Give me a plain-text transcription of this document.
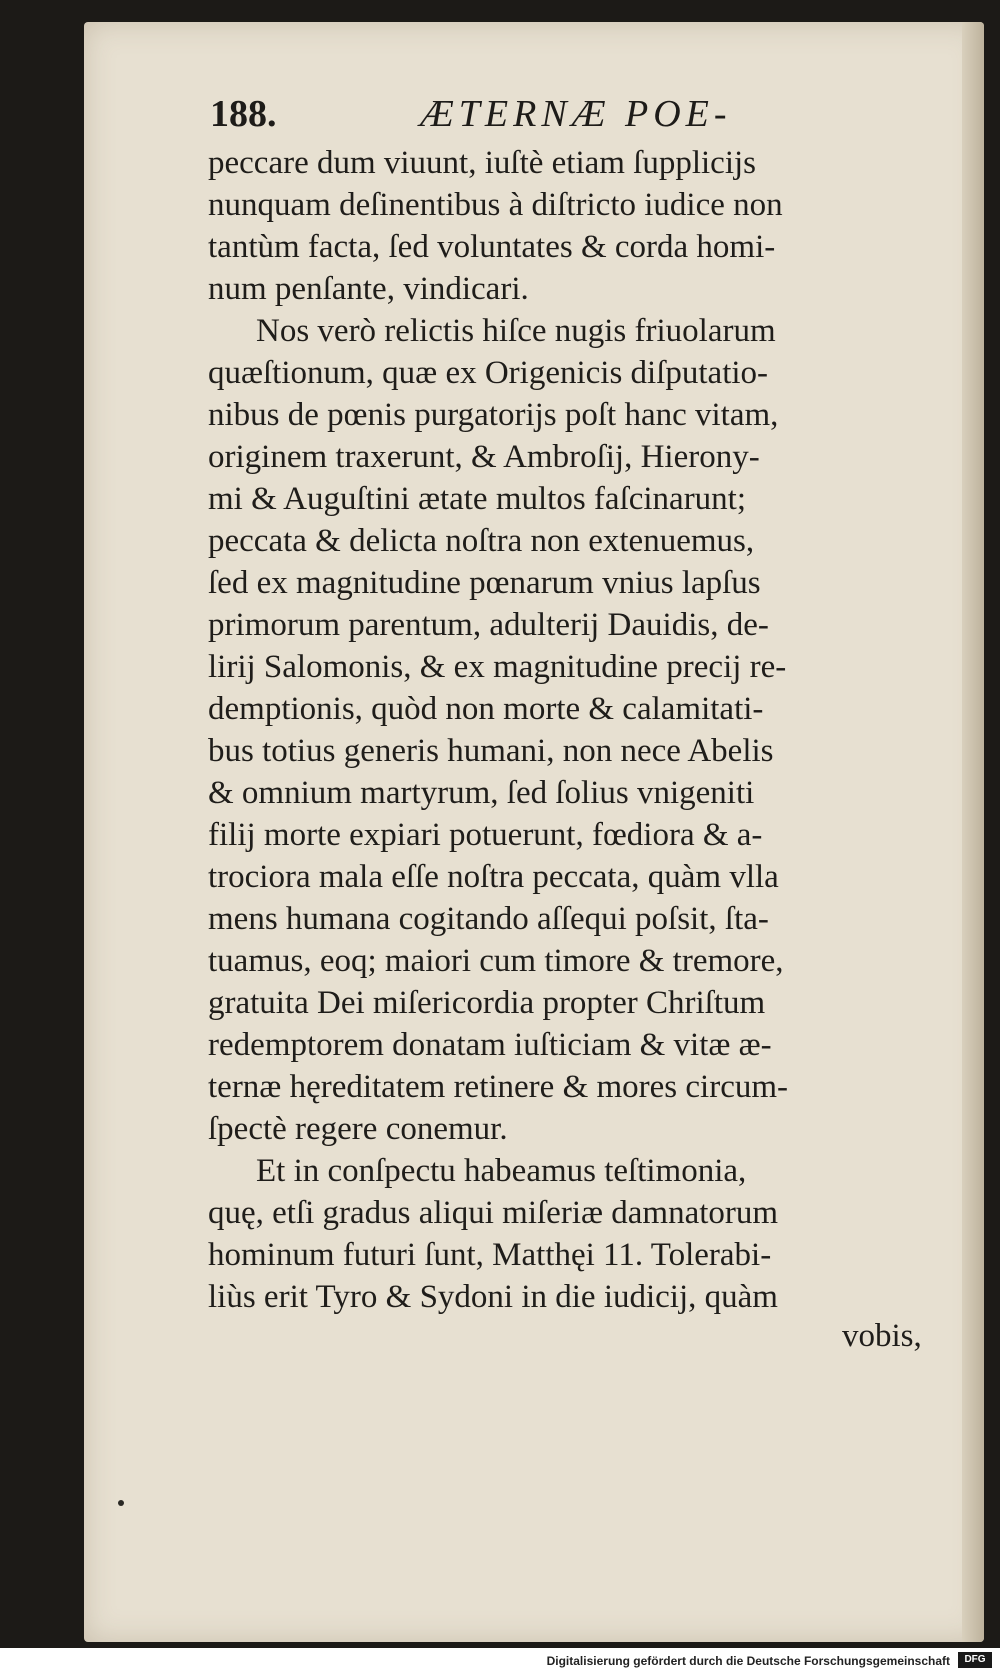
188.	ÆTERNÆ POE-
peccare dum viuunt, iuſtè etiam ſupplicijs
nunquam deſinentibus à diſtricto iudice non
tantùm facta, ſed voluntates & corda homi-
num penſante, vindicari.
Nos verò relictis hiſce nugis friuolarum
quæſtionum, quæ ex Origenicis diſputatio-
nibus de pœnis purgatorijs poſt hanc vitam,
originem traxerunt, & Ambroſij, Hierony-
mi & Auguſtini ætate multos faſcinarunt;
peccata & delicta noſtra non extenuemus,
ſed ex magnitudine pœnarum vnius lapſus
primorum parentum, adulterij Dauidis, de-
lirij Salomonis, & ex magnitudine precij re-
demptionis, quòd non morte & calamitati-
bus totius generis humani, non nece Abelis
& omnium martyrum, ſed ſolius vnigeniti
filij morte expiari potuerunt, fœdiora & a-
trociora mala eſſe noſtra peccata, quàm vlla
mens humana cogitando aſſequi poſsit, ſta-
tuamus, eoq; maiori cum timore & tremore,
gratuita Dei miſericordia propter Chriſtum
redemptorem donatam iuſticiam & vitæ æ-
ternæ hęreditatem retinere & mores circum-
ſpectè regere conemur.
Et in conſpectu habeamus teſtimonia,
quę, etſi gradus aliqui miſeriæ damnatorum
hominum futuri ſunt, Matthęi 11. Tolerabi-
liùs erit Tyro & Sydoni in die iudicij, quàm
vobis,
Digitalisierung gefördert durch die Deutsche Forschungsgemeinschaft	DFG
